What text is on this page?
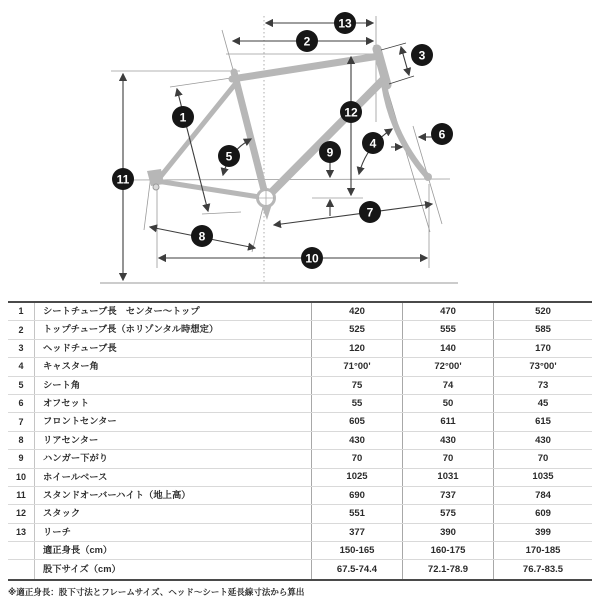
1
2
3
4
5
6
7
8
9
10
11
12
13
1	シートチューブ長　センター～トップ	420	470	520
2	トップチューブ長（ホリゾンタル時想定）	525	555	585
3	ヘッドチューブ長	120	140	170
4	キャスター角	71°00'	72°00'	73°00'
5	シート角	75	74	73
6	オフセット	55	50	45
7	フロントセンター	605	611	615
8	リアセンター	430	430	430
9	ハンガー下がり	70	70	70
10	ホイールベース	1025	1031	1035
11	スタンドオーバーハイト（地上高）	690	737	784
12	スタック	551	575	609
13	リーチ	377	390	399
適正身長（cm）	150-165	160-175	170-185
股下サイズ（cm）	67.5-74.4	72.1-78.9	76.7-83.5
※適正身長：股下寸法とフレームサイズ、ヘッド～シート延長線寸法から算出
